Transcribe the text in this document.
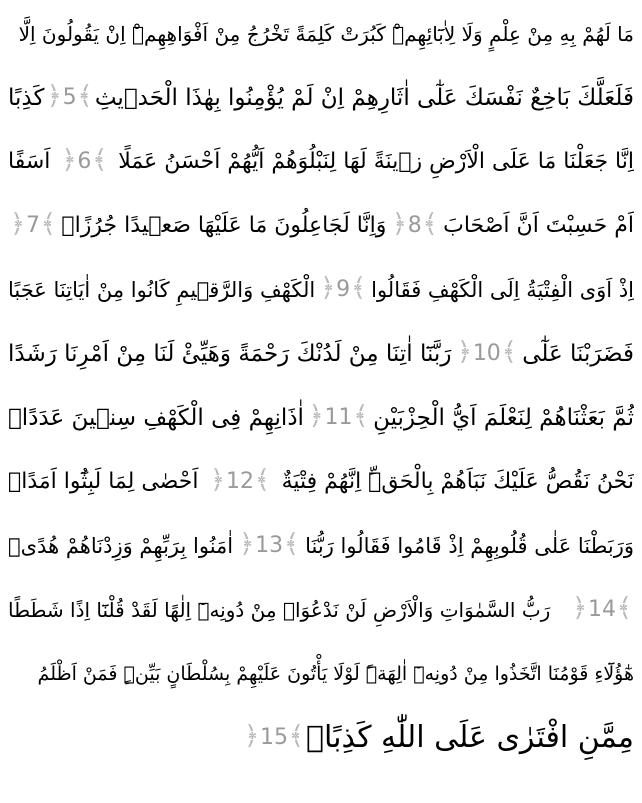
مَا لَهُمْ بِهِ مِنْ عِلْمٍ وَلَا لِاٰبَٓائِهِمْۜ كَبُرَتْ كَلِمَةً تَخْرُجُ مِنْ اَفْوَاهِهِمْۜ اِنْ يَقُولُونَ اِلَّا
فَلَعَلَّكَ بَاخِعٌ نَفْسَكَ عَلٰٓى اٰثَارِهِمْ اِنْ لَمْ يُؤْمِنُوا بِهٰذَا الْحَدٖيثِ
﴿ 5 ﴾
كَذِبًا
اِنَّا جَعَلْنَا مَا عَلَى الْاَرْضِ زٖينَةً لَهَا لِنَبْلُوَهُمْ اَيُّهُمْ اَحْسَنُ عَمَلًا
﴿ 6 ﴾
اَسَفًا
اَمْ حَسِبْتَ اَنَّ اَصْحَابَ
﴿ 8 ﴾
وَاِنَّا لَجَاعِلُونَ مَا عَلَيْهَا صَعٖيدًا جُرُزًاۜ
﴿ 7 ﴾
اِذْ اَوَى الْفِتْيَةُ اِلَى الْكَهْفِ فَقَالُوا
﴿ 9 ﴾
الْكَهْفِ وَالرَّقٖيمِ كَانُوا مِنْ اٰيَاتِنَا عَجَبًا
فَضَرَبْنَا عَلٰٓى
﴿ 10 ﴾
رَبَّنَٓا اٰتِنَا مِنْ لَدُنْكَ رَحْمَةً وَهَيِّئْ لَنَا مِنْ اَمْرِنَا رَشَدًا
ثُمَّ بَعَثْنَاهُمْ لِنَعْلَمَ اَيُّ الْحِزْبَيْنِ
﴿ 11 ﴾
اٰذَانِهِمْ فِى الْكَهْفِ سِنٖينَ عَدَدًاۙ
نَحْنُ نَقُصُّ عَلَيْكَ نَبَاَهُمْ بِالْحَقِّۜ اِنَّهُمْ فِتْيَةٌ
﴿ 12 ﴾
اَحْصٰى لِمَا لَبِثُٓوا اَمَدًاۜ
وَرَبَطْنَا عَلٰى قُلُوبِهِمْ اِذْ قَامُوا فَقَالُوا رَبُّنَا
﴿ 13 ﴾
اٰمَنُوا بِرَبِّهِمْ وَزِدْنَاهُمْ هُدًىۗ
﴿ 14 ﴾
رَبُّ السَّمٰوَاتِ وَالْاَرْضِ لَنْ نَدْعُوَا۟ مِنْ دُونِهٖٓ اِلٰهًا لَقَدْ قُلْنَٓا اِذًا شَطَطًا
هٰٓؤُلَٓاءِ قَوْمُنَا اتَّخَذُوا مِنْ دُونِهٖٓ اٰلِهَةًۜ لَوْلَا يَأْتُونَ عَلَيْهِمْ بِسُلْطَانٍ بَيِّنٍۜ فَمَنْ اَظْلَمُ
مِمَّنِ افْتَرٰى عَلَى اللّٰهِ كَذِبًاۜ
﴿ 15 ﴾
